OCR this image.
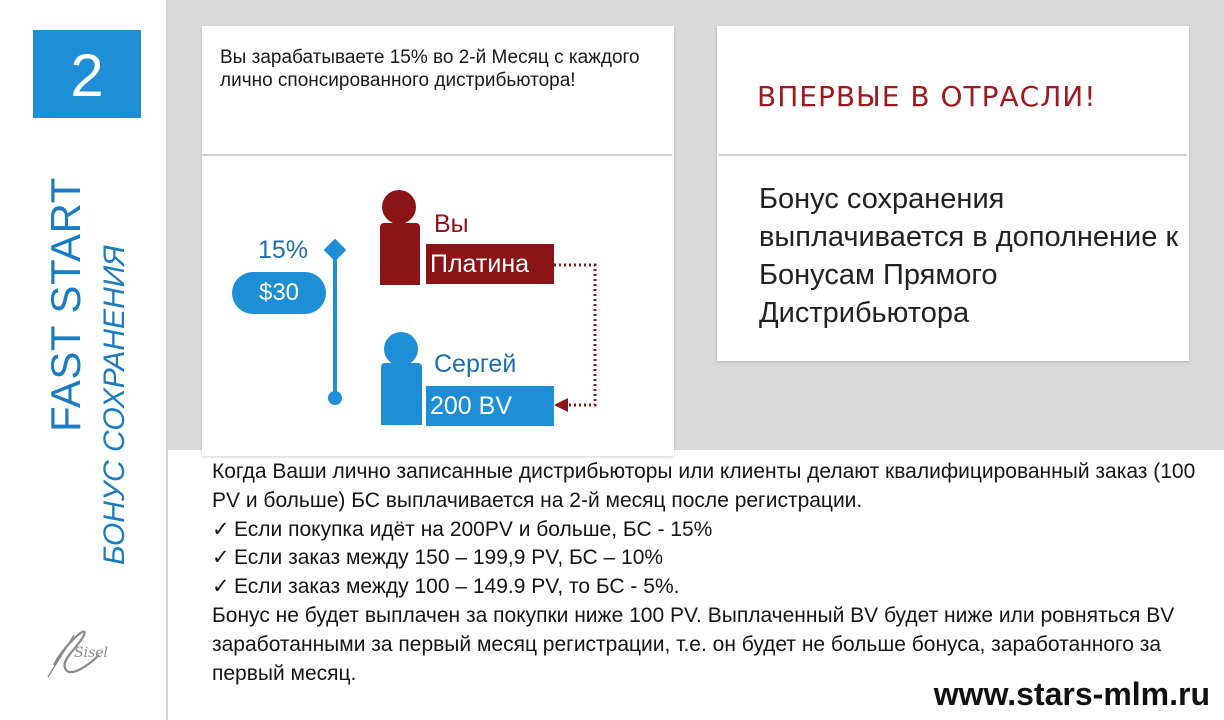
2
FAST START БОНУС СОХРАНЕНИЯ
Sisel
Вы зарабатываете 15% во 2-й Месяц с каждого лично спонсированного дистрибьютора!
15%
$30
Вы
Платина
Сергей
200 BV
ВПЕРВЫЕ В ОТРАСЛИ!
Бонус сохранения выплачивается в дополнение к Бонусам Прямого Дистрибьютора

Когда Ваши лично записанные дистрибьюторы или клиенты делают квалифицированный заказ (100 PV и больше) БС выплачивается на 2-й месяц после регистрации.

✓ Если покупка идёт на 200PV и больше, БС - 15%

✓ Если заказ между 150 – 199,9 PV, БС – 10%

✓ Если заказ между 100 – 149.9 PV, то БС - 5%.

Бонус не будет выплачен за покупки ниже 100 PV. Выплаченный BV будет ниже или ровняться BV заработанными за первый месяц регистрации, т.е. он будет не больше бонуса, заработанного за первый месяц.

www.stars-mlm.ru
